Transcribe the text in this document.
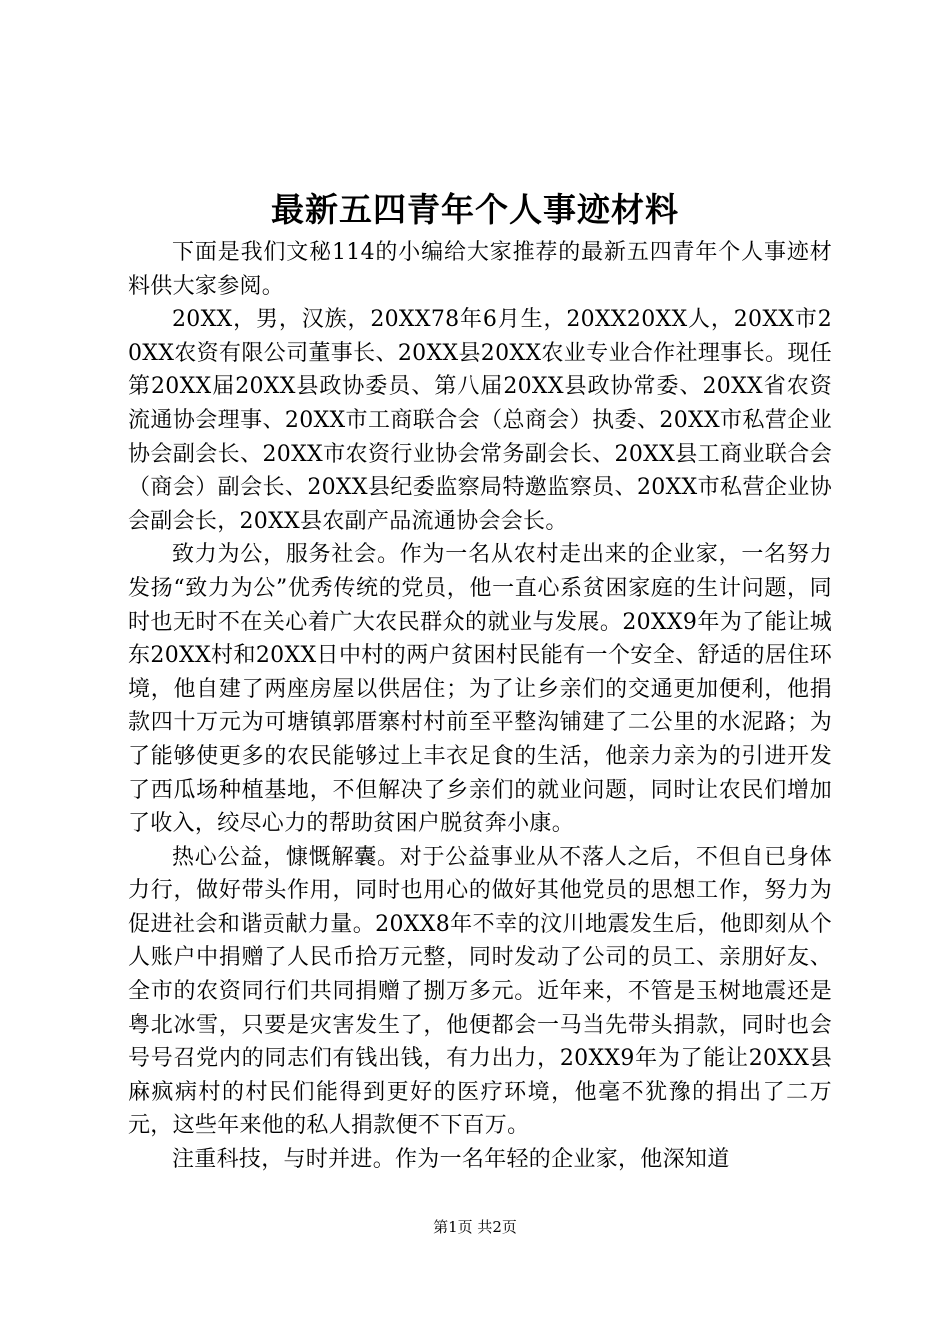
最新五四青年个人事迹材料

下面是我们文秘114的小编给大家推荐的最新五四青年个人事迹材料供大家参阅。

20XX，男，汉族，20XX78年6月生，20XX20XX人，20XX市20XX农资有限公司董事长、20XX县20XX农业专业合作社理事长。现任第20XX届20XX县政协委员、第八届20XX县政协常委、20XX省农资流通协会理事、20XX市工商联合会（总商会）执委、20XX市私营企业协会副会长、20XX市农资行业协会常务副会长、20XX县工商业联合会（商会）副会长、20XX县纪委监察局特邀监察员、20XX市私营企业协会副会长，20XX县农副产品流通协会会长。

致力为公，服务社会。作为一名从农村走出来的企业家，一名努力发扬“致力为公”优秀传统的党员，他一直心系贫困家庭的生计问题，同时也无时不在关心着广大农民群众的就业与发展。20XX9年为了能让城东20XX村和20XX日中村的两户贫困村民能有一个安全、舒适的居住环境，他自建了两座房屋以供居住；为了让乡亲们的交通更加便利，他捐款四十万元为可塘镇郭厝寨村村前至平整沟铺建了二公里的水泥路；为了能够使更多的农民能够过上丰衣足食的生活，他亲力亲为的引进开发了西瓜场种植基地，不但解决了乡亲们的就业问题，同时让农民们增加了收入，绞尽心力的帮助贫困户脱贫奔小康。

热心公益，慷慨解囊。对于公益事业从不落人之后，不但自已身体力行，做好带头作用，同时也用心的做好其他党员的思想工作，努力为促进社会和谐贡献力量。20XX8年不幸的汶川地震发生后，他即刻从个人账户中捐赠了人民币拾万元整，同时发动了公司的员工、亲朋好友、全市的农资同行们共同捐赠了捌万多元。近年来，不管是玉树地震还是粤北冰雪，只要是灾害发生了，他便都会一马当先带头捐款，同时也会号号召党内的同志们有钱出钱，有力出力，20XX9年为了能让20XX县麻疯病村的村民们能得到更好的医疗环境，他毫不犹豫的捐出了二万元，这些年来他的私人捐款便不下百万。

注重科技，与时并进。作为一名年轻的企业家，他深知道

第1页 共2页
